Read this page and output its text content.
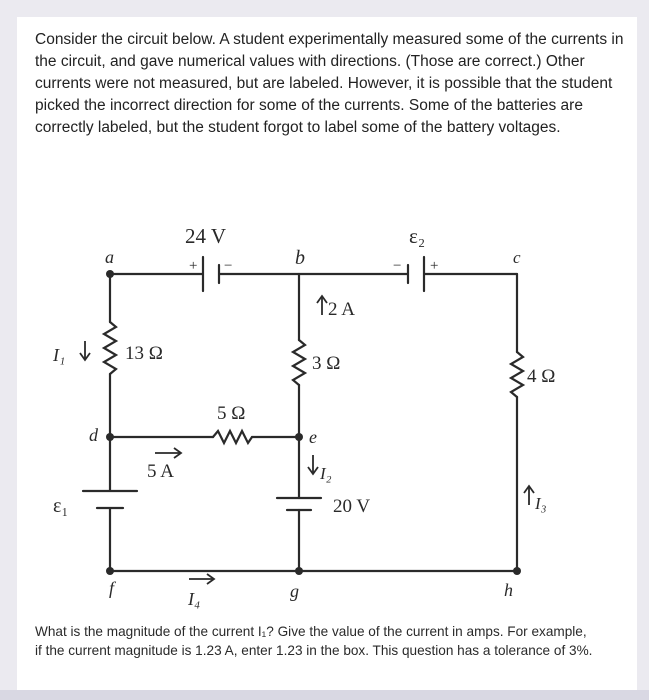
Consider the circuit below. A student experimentally measured some of the currents in the circuit, and gave numerical values with directions. (Those are correct.) Other currents were not measured, but are labeled. However, it is possible that the student picked the incorrect direction for some of the currents. Some of the batteries are correctly labeled, but the student forgot to label some of the battery voltages.

24 V
+ −
ε₂
− +
a	b	c
d	e
f	g	h
I₁	13 Ω
2 A
3 Ω
4 Ω
5 Ω
5 A	I₂
20 V
ε₁	I₃
I₄

What is the magnitude of the current I₁? Give the value of the current in amps. For example, if the current magnitude is 1.23 A, enter 1.23 in the box. This question has a tolerance of 3%.
